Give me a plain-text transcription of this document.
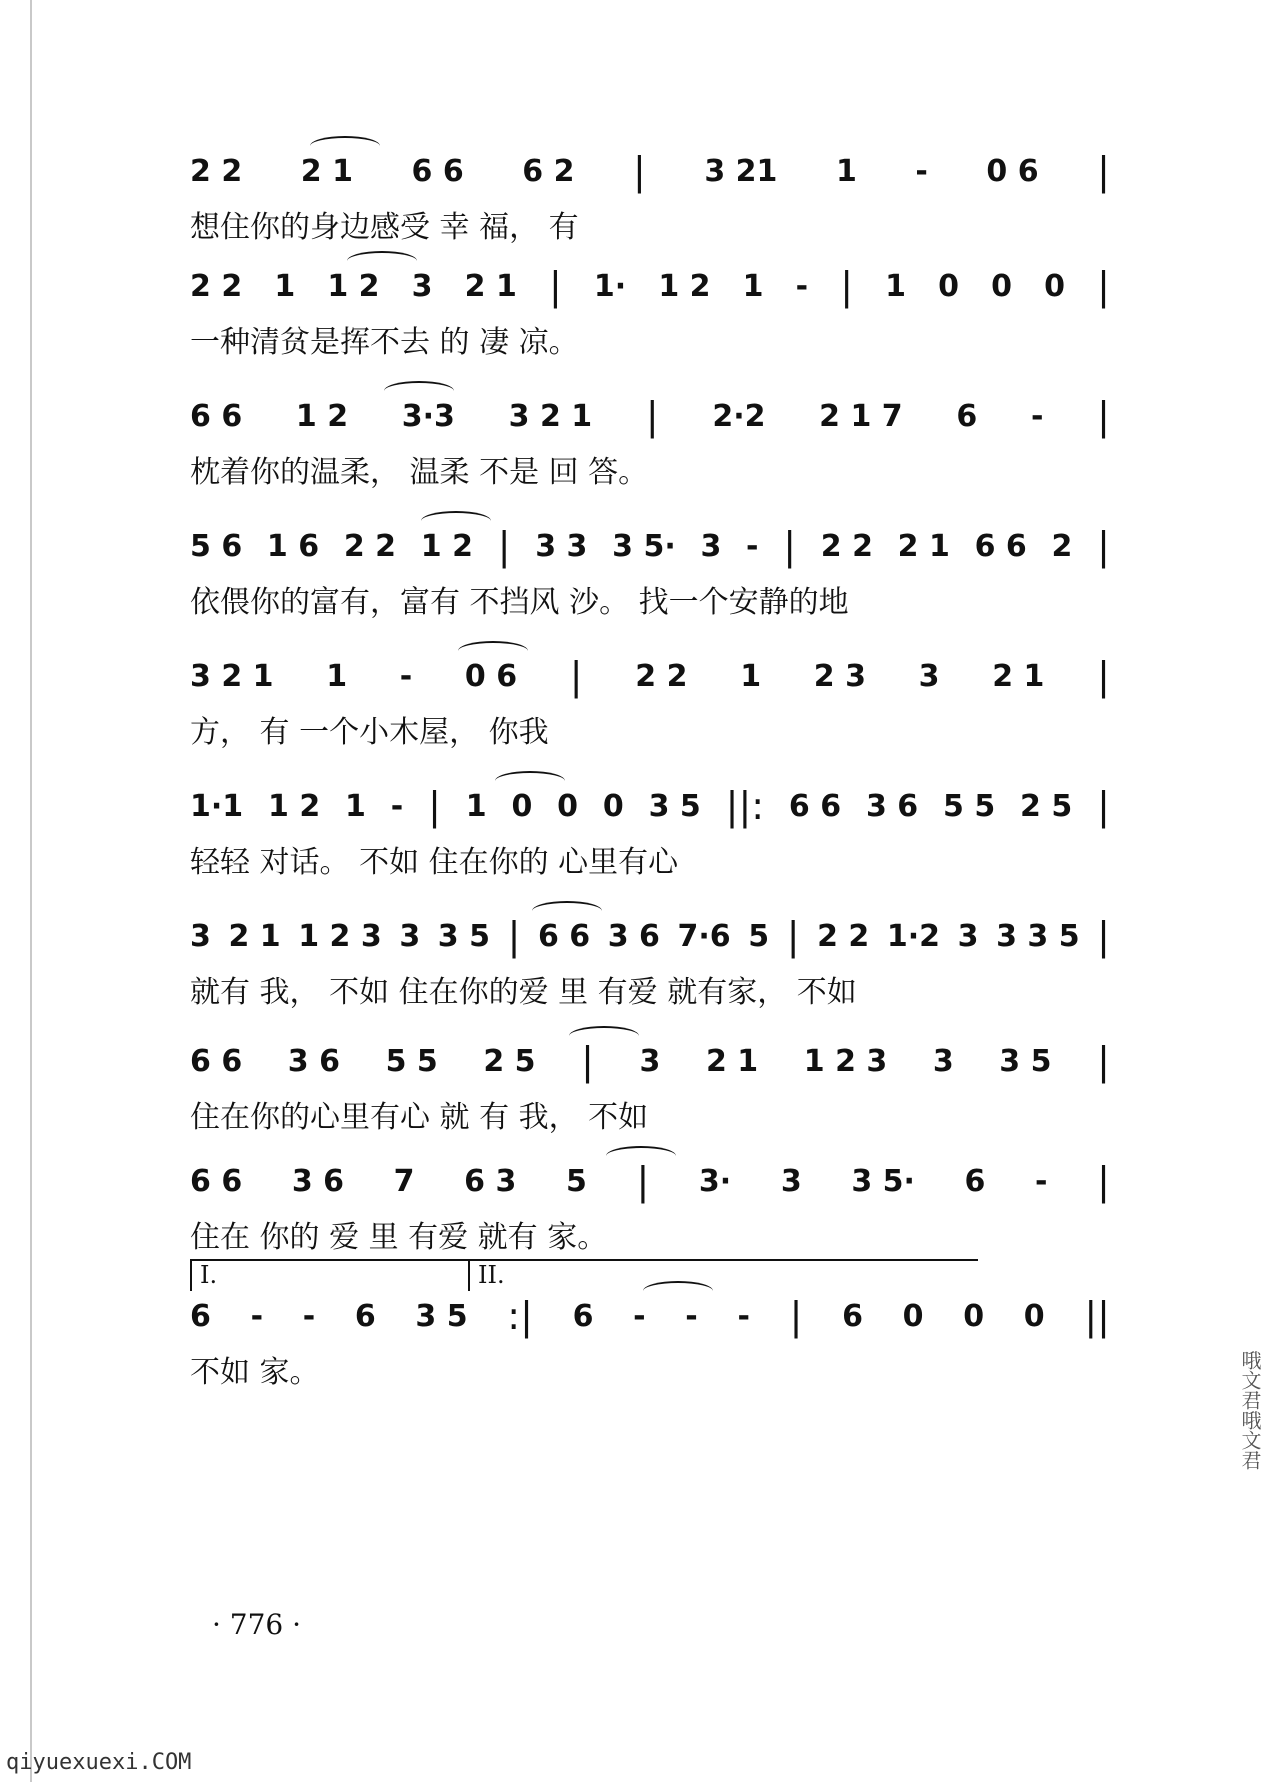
2 2 2 1 6 6 6 2 | 3 21 1 - 0 6 |
想住你的身边感受 幸 福， 有
2 2 1 1 2 3 2 1 | 1· 1 2 1 - | 1 0 0 0 |
一种清贫是挥不去 的 凄 凉。
6 6 1 2 3·3 3 2 1 | 2·2 2 1 7 6 - |
枕着你的温柔， 温柔 不是 回 答。
5 6 1 6 2 2 1 2 | 3 3 3 5· 3 - | 2 2 2 1 6 6 2 |
依偎你的富有，富有 不挡风 沙。 找一个安静的地
3 2 1 1 - 0 6 | 2 2 1 2 3 3 2 1 |
方， 有 一个小木屋， 你我
1·1 1 2 1 - | 1 0 0 0 3 5 ||: 6 6 3 6 5 5 2 5 |
轻轻 对话。 不如 住在你的 心里有心
3 2 1 1 2 3 3 3 5 | 6 6 3 6 7·6 5 | 2 2 1·2 3 3 3 5 |
就有 我， 不如 住在你的爱 里 有爱 就有家， 不如
6 6 3 6 5 5 2 5 | 3 2 1 1 2 3 3 3 5 |
住在你的心里有心 就 有 我， 不如
6 6 3 6 7 6 3 5 | 3· 3 3 5· 6 - |
住在 你的 爱 里 有爱 就有 家。
I.	II.
6 - - 6 3 5 :| 6 - - - | 6 0 0 0 ||
不如 家。
· 776 ·
哦文君哦文君
qiyuexuexi.COM
